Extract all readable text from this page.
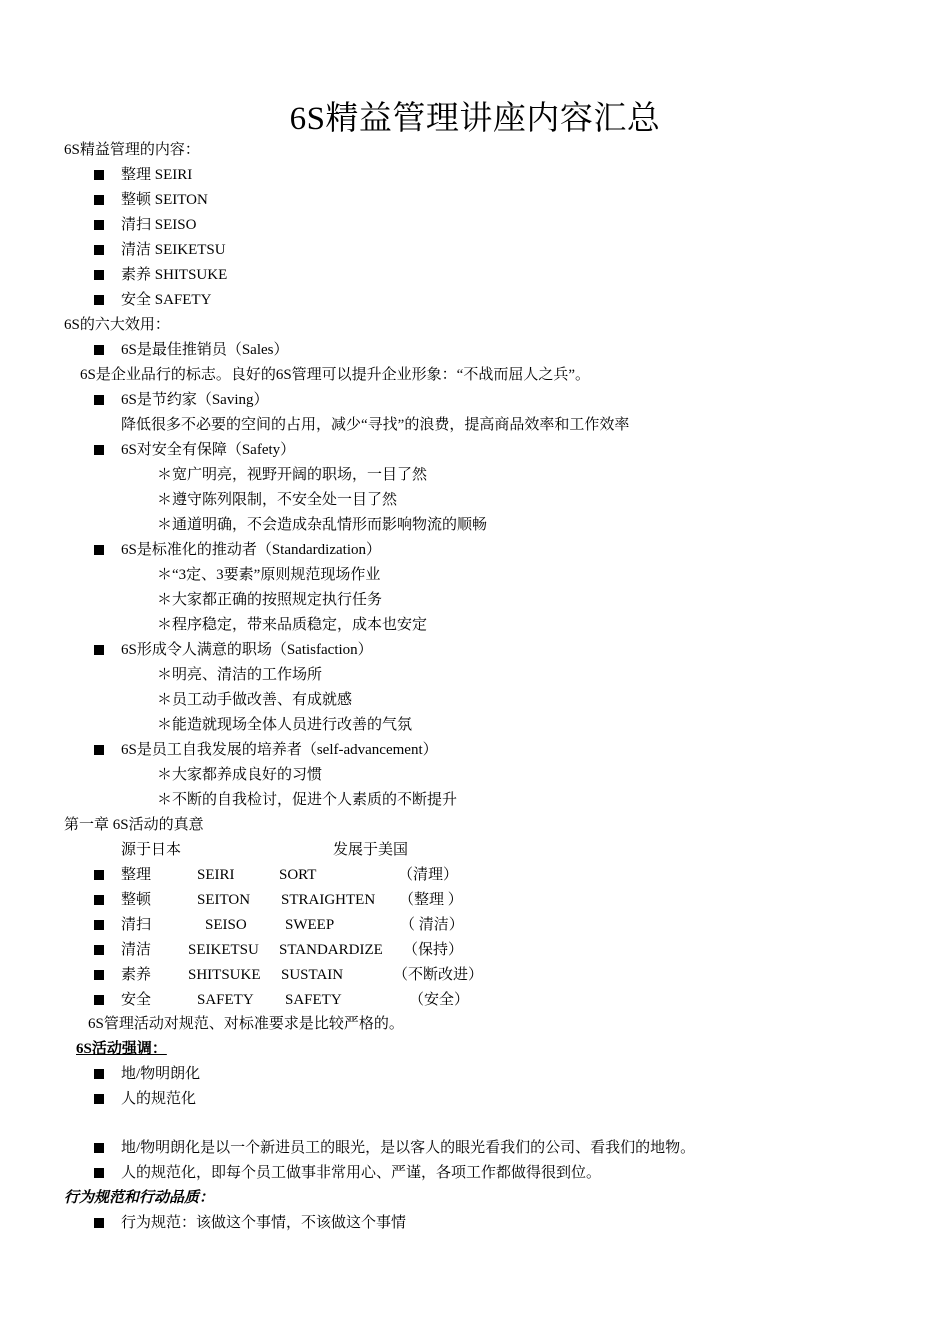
6S精益管理讲座内容汇总
6S精益管理的内容：
整理 SEIRI
整顿 SEITON
清扫 SEISO
清洁 SEIKETSU
素养 SHITSUKE
安全 SAFETY
6S的六大效用：
6S是最佳推销员（Sales）
6S是企业品行的标志。良好的6S管理可以提升企业形象：“不战而屈人之兵”。
6S是节约家（Saving）
降低很多不必要的空间的占用，减少“寻找”的浪费，提高商品效率和工作效率
6S对安全有保障（Safety）
＊宽广明亮，视野开阔的职场，一目了然
＊遵守陈列限制，不安全处一目了然
＊通道明确，不会造成杂乱情形而影响物流的顺畅
6S是标准化的推动者（Standardization）
＊“3定、3要素”原则规范现场作业
＊大家都正确的按照规定执行任务
＊程序稳定，带来品质稳定，成本也安定
6S形成令人满意的职场（Satisfaction）
＊明亮、清洁的工作场所
＊员工动手做改善、有成就感
＊能造就现场全体人员进行改善的气氛
6S是员工自我发展的培养者（self-advancement）
＊大家都养成良好的习惯
＊不断的自我检讨，促进个人素质的不断提升
第一章 6S活动的真意
源于日本	发展于美国
整理	SEIRI	SORT	（清理）
整顿	SEITON STRAIGHTEN （整理 ）
清扫	SEISO	SWEEP	（ 清洁）
清洁 SEIKETSU STANDARDIZE （保持）
素养 SHITSUKE SUSTAIN	（不断改进）
安全	SAFETY SAFETY	（安全）
6S管理活动对规范、对标准要求是比较严格的。
6S活动强调：
地/物明朗化
人的规范化
地/物明朗化是以一个新进员工的眼光，是以客人的眼光看我们的公司、看我们的地物。
人的规范化，即每个员工做事非常用心、严谨，各项工作都做得很到位。
行为规范和行动品质：
行为规范：该做这个事情，不该做这个事情
